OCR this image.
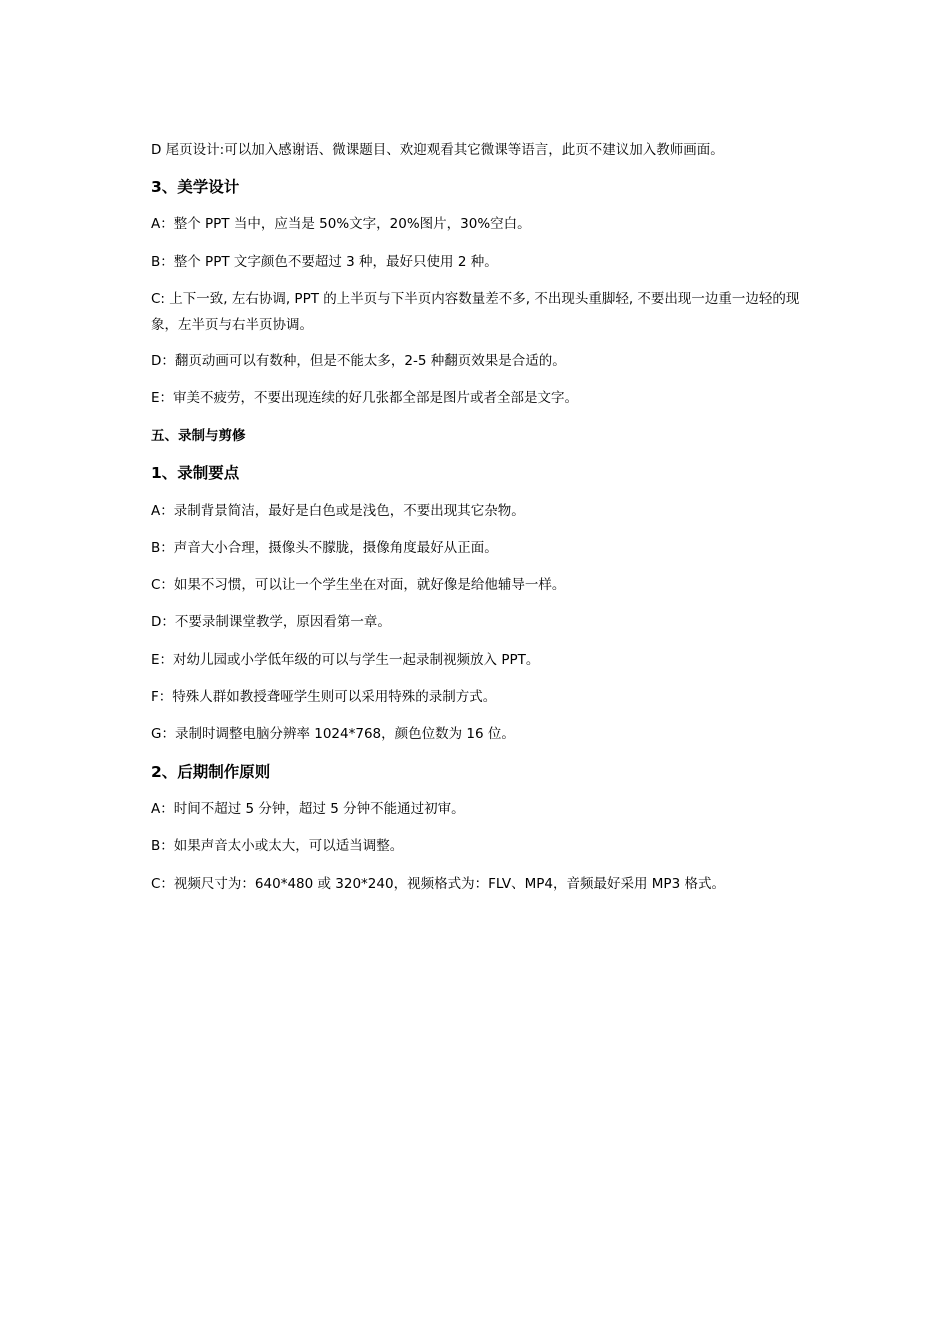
D 尾页设计:可以加入感谢语、微课题目、欢迎观看其它微课等语言，此页不建议加入教师画面。
3、美学设计
A：整个 PPT 当中，应当是 50%文字，20%图片，30%空白。
B：整个 PPT 文字颜色不要超过 3 种，最好只使用 2 种。
C: 上下一致, 左右协调, PPT 的上半页与下半页内容数量差不多, 不出现头重脚轻, 不要出现一边重一边轻的现象，左半页与右半页协调。
D：翻页动画可以有数种，但是不能太多，2-5 种翻页效果是合适的。
E：审美不疲劳，不要出现连续的好几张都全部是图片或者全部是文字。
五、录制与剪修
1、录制要点
A：录制背景简洁，最好是白色或是浅色，不要出现其它杂物。
B：声音大小合理，摄像头不朦胧，摄像角度最好从正面。
C：如果不习惯，可以让一个学生坐在对面，就好像是给他辅导一样。
D：不要录制课堂教学，原因看第一章。
E：对幼儿园或小学低年级的可以与学生一起录制视频放入 PPT。
F：特殊人群如教授聋哑学生则可以采用特殊的录制方式。
G：录制时调整电脑分辨率 1024*768，颜色位数为 16 位。
2、后期制作原则
A：时间不超过 5 分钟，超过 5 分钟不能通过初审。
B：如果声音太小或太大，可以适当调整。
C：视频尺寸为：640*480 或 320*240，视频格式为：FLV、MP4，音频最好采用 MP3 格式。
